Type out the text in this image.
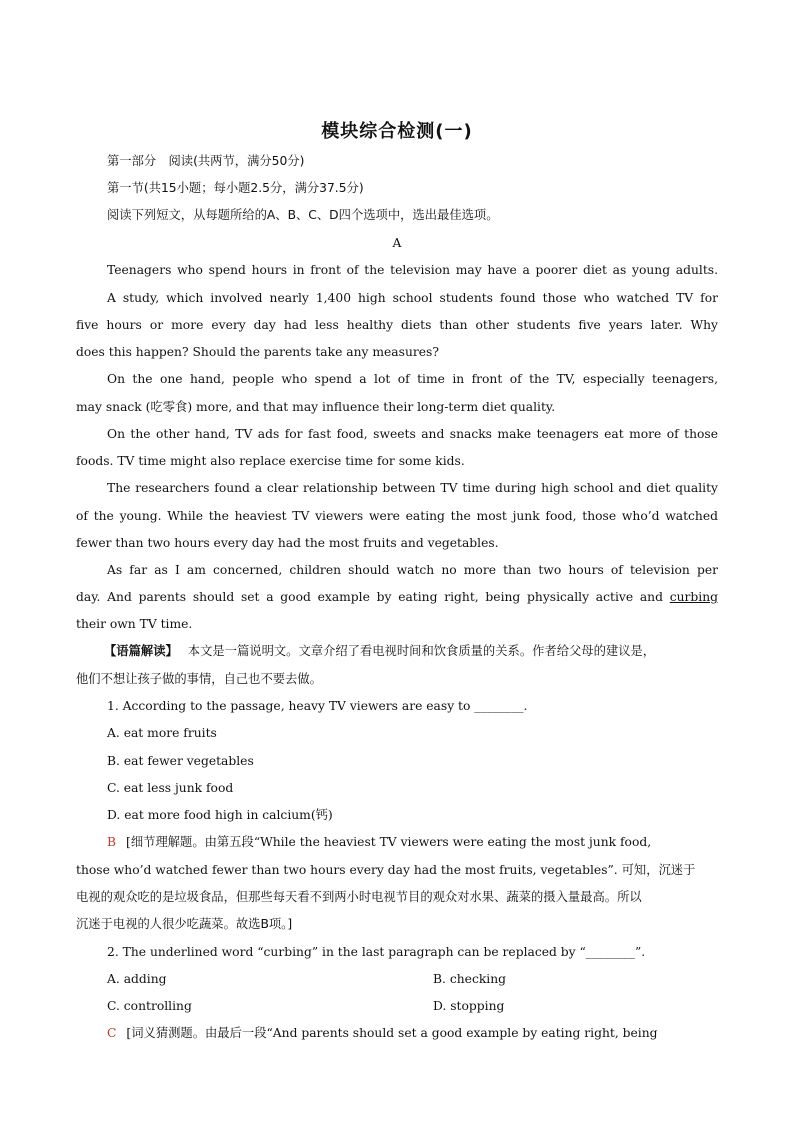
模块综合检测(一)
第一部分　阅读(共两节，满分50分)
第一节(共15小题；每小题2.5分，满分37.5分)
阅读下列短文，从每题所给的A、B、C、D四个选项中，选出最佳选项。
A
Teenagers who spend hours in front of the television may have a poorer diet as young adults.
A study, which involved nearly 1,400 high school students found those who watched TV for
five hours or more every day had less healthy diets than other students five years later. Why
does this happen? Should the parents take any measures?
On the one hand, people who spend a lot of time in front of the TV, especially teenagers,
may snack (吃零食) more, and that may influence their long-term diet quality.
On the other hand, TV ads for fast food, sweets and snacks make teenagers eat more of those
foods. TV time might also replace exercise time for some kids.
The researchers found a clear relationship between TV time during high school and diet quality
of the young. While the heaviest TV viewers were eating the most junk food, those who’d watched
fewer than two hours every day had the most fruits and vegetables.
As far as I am concerned, children should watch no more than two hours of television per
day. And parents should set a good example by eating right, being physically active and curbing
their own TV time.
【语篇解读】 本文是一篇说明文。文章介绍了看电视时间和饮食质量的关系。作者给父母的建议是，
他们不想让孩子做的事情，自己也不要去做。
1. According to the passage, heavy TV viewers are easy to ________.
A. eat more fruits
B. eat fewer vegetables
C. eat less junk food
D. eat more food high in calcium(钙)
B [细节理解题。由第五段“While the heaviest TV viewers were eating the most junk food,
those who’d watched fewer than two hours every day had the most fruits, vegetables”. 可知，沉迷于
电视的观众吃的是垃圾食品，但那些每天看不到两小时电视节目的观众对水果、蔬菜的摄入量最高。所以
沉迷于电视的人很少吃蔬菜。故选B项。]
2. The underlined word “curbing” in the last paragraph can be replaced by “________”.
A. adding	B. checking
C. controlling	D. stopping
C [词义猜测题。由最后一段“And parents should set a good example by eating right, being
